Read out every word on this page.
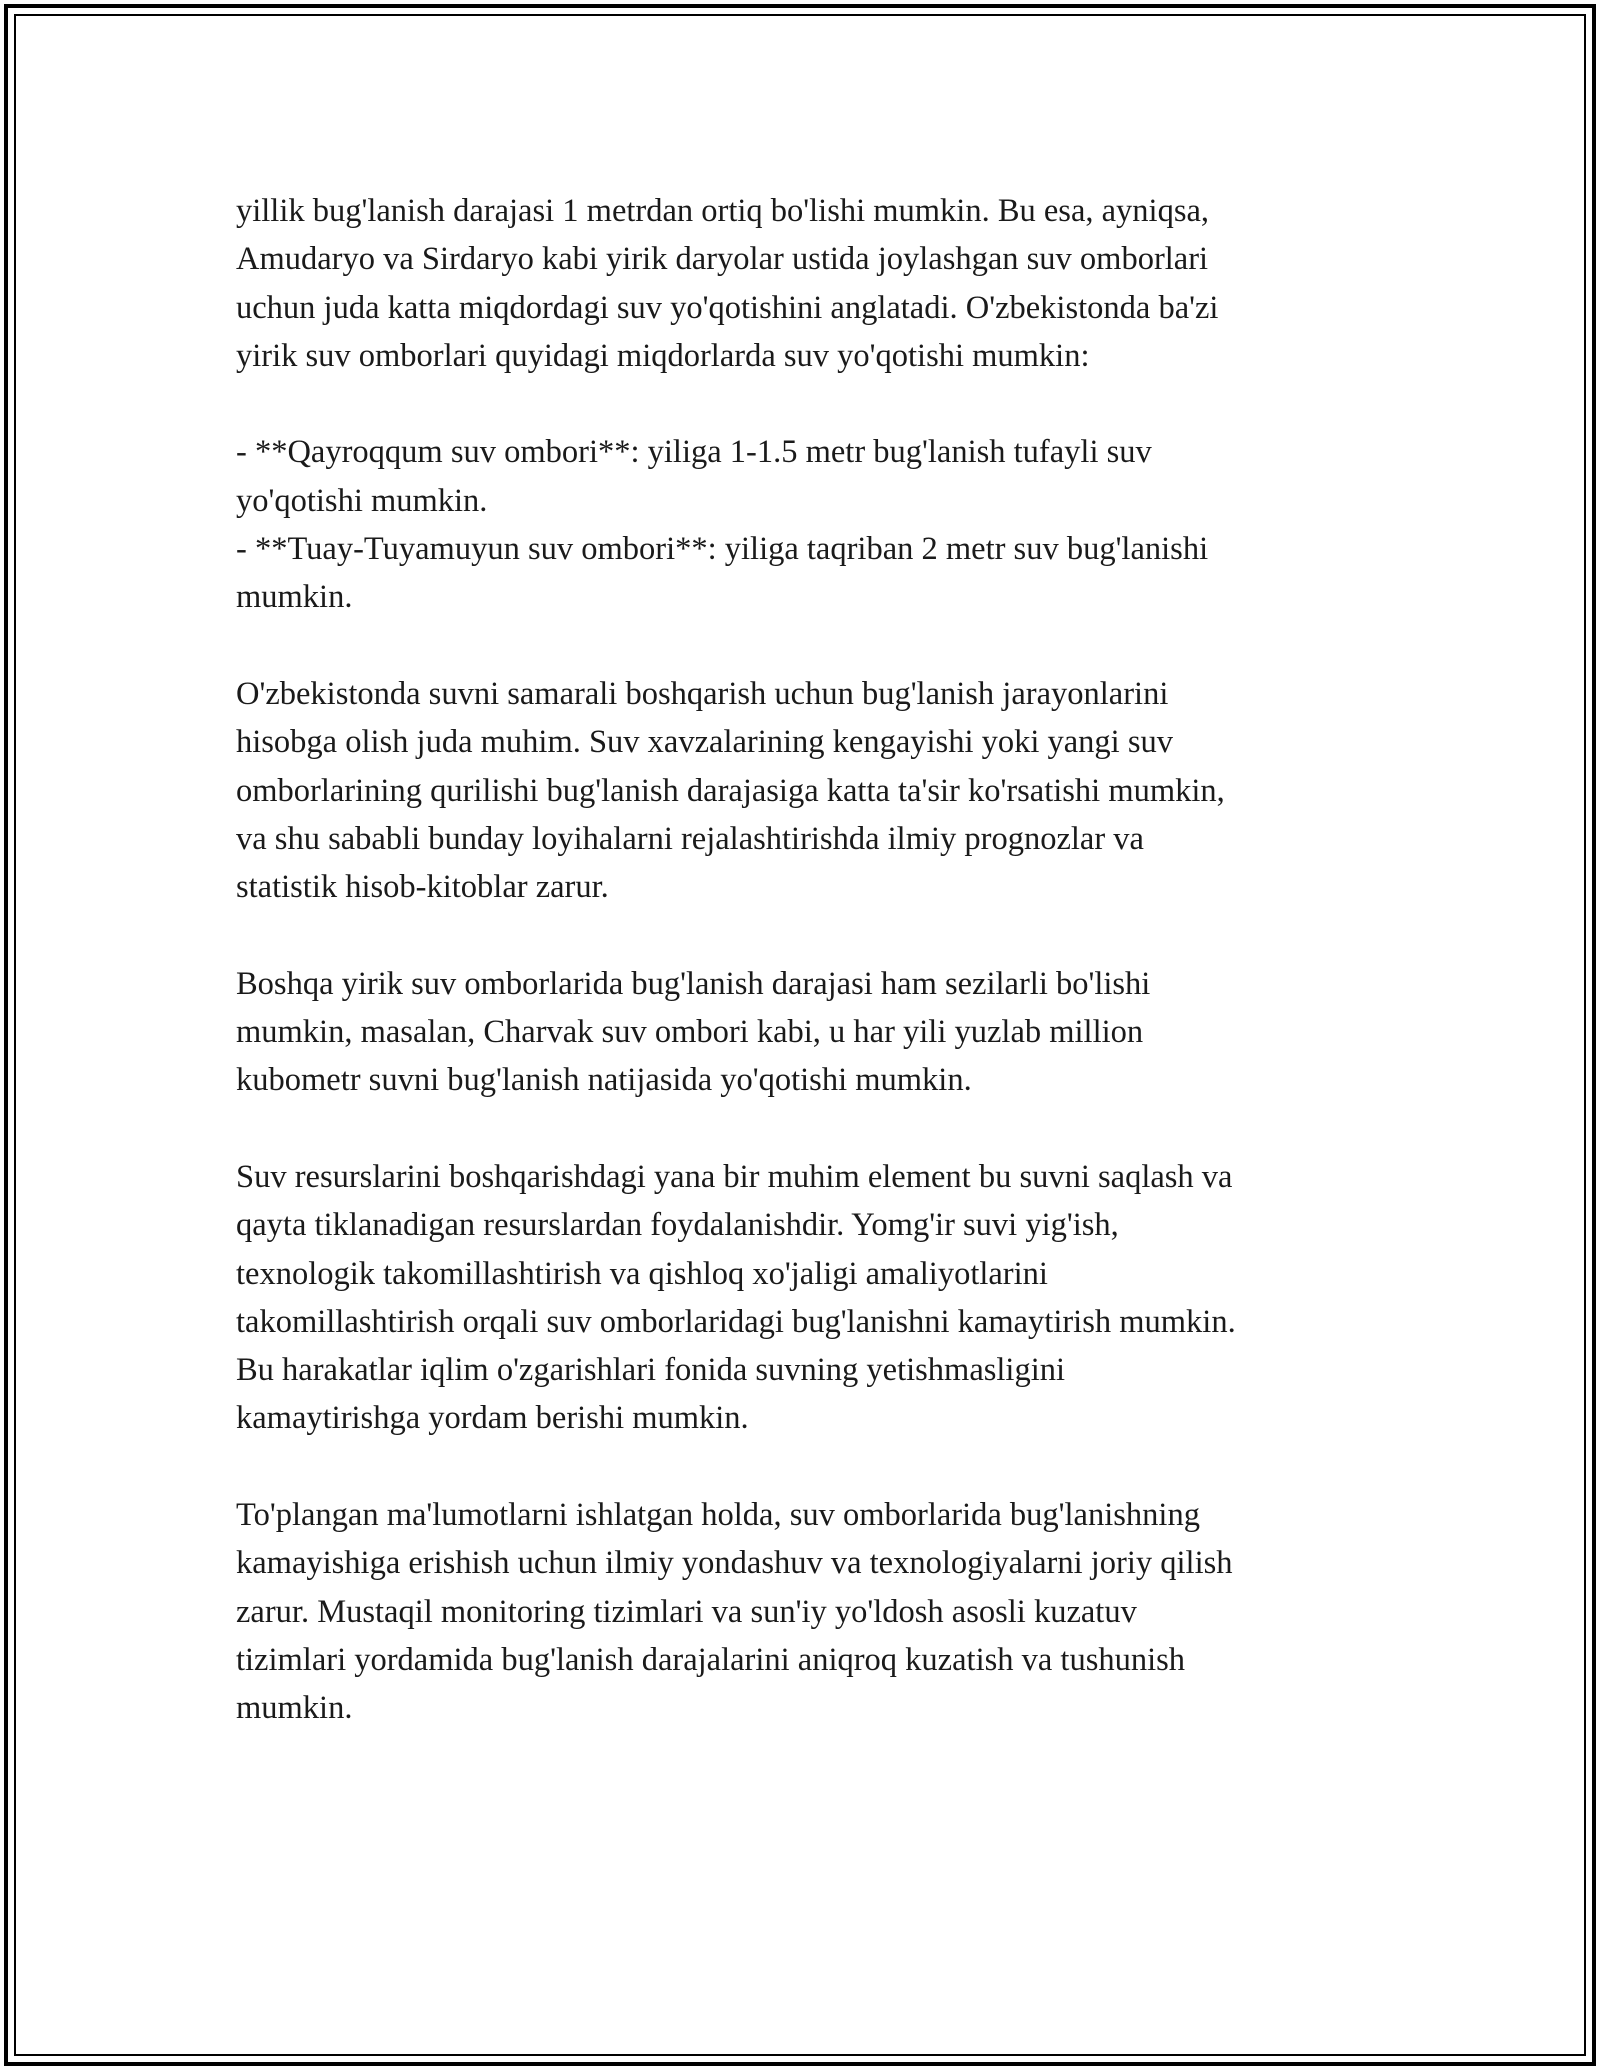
yillik bug'lanish darajasi 1 metrdan ortiq bo'lishi mumkin. Bu esa, ayniqsa,
Amudaryo va Sirdaryo kabi yirik daryolar ustida joylashgan suv omborlari
uchun juda katta miqdordagi suv yo'qotishini anglatadi. O'zbekistonda ba'zi
yirik suv omborlari quyidagi miqdorlarda suv yo'qotishi mumkin:

- **Qayroqqum suv ombori**: yiliga 1-1.5 metr bug'lanish tufayli suv
yo'qotishi mumkin.
- **Tuay-Tuyamuyun suv ombori**: yiliga taqriban 2 metr suv bug'lanishi
mumkin.

O'zbekistonda suvni samarali boshqarish uchun bug'lanish jarayonlarini
hisobga olish juda muhim. Suv xavzalarining kengayishi yoki yangi suv
omborlarining qurilishi bug'lanish darajasiga katta ta'sir ko'rsatishi mumkin,
va shu sababli bunday loyihalarni rejalashtirishda ilmiy prognozlar va
statistik hisob-kitoblar zarur.

Boshqa yirik suv omborlarida bug'lanish darajasi ham sezilarli bo'lishi
mumkin, masalan, Charvak suv ombori kabi, u har yili yuzlab million
kubometr suvni bug'lanish natijasida yo'qotishi mumkin.

Suv resurslarini boshqarishdagi yana bir muhim element bu suvni saqlash va
qayta tiklanadigan resurslardan foydalanishdir. Yomg'ir suvi yig'ish,
texnologik takomillashtirish va qishloq xo'jaligi amaliyotlarini
takomillashtirish orqali suv omborlaridagi bug'lanishni kamaytirish mumkin.
Bu harakatlar iqlim o'zgarishlari fonida suvning yetishmasligini
kamaytirishga yordam berishi mumkin.

To'plangan ma'lumotlarni ishlatgan holda, suv omborlarida bug'lanishning
kamayishiga erishish uchun ilmiy yondashuv va texnologiyalarni joriy qilish
zarur. Mustaqil monitoring tizimlari va sun'iy yo'ldosh asosli kuzatuv
tizimlari yordamida bug'lanish darajalarini aniqroq kuzatish va tushunish
mumkin.
